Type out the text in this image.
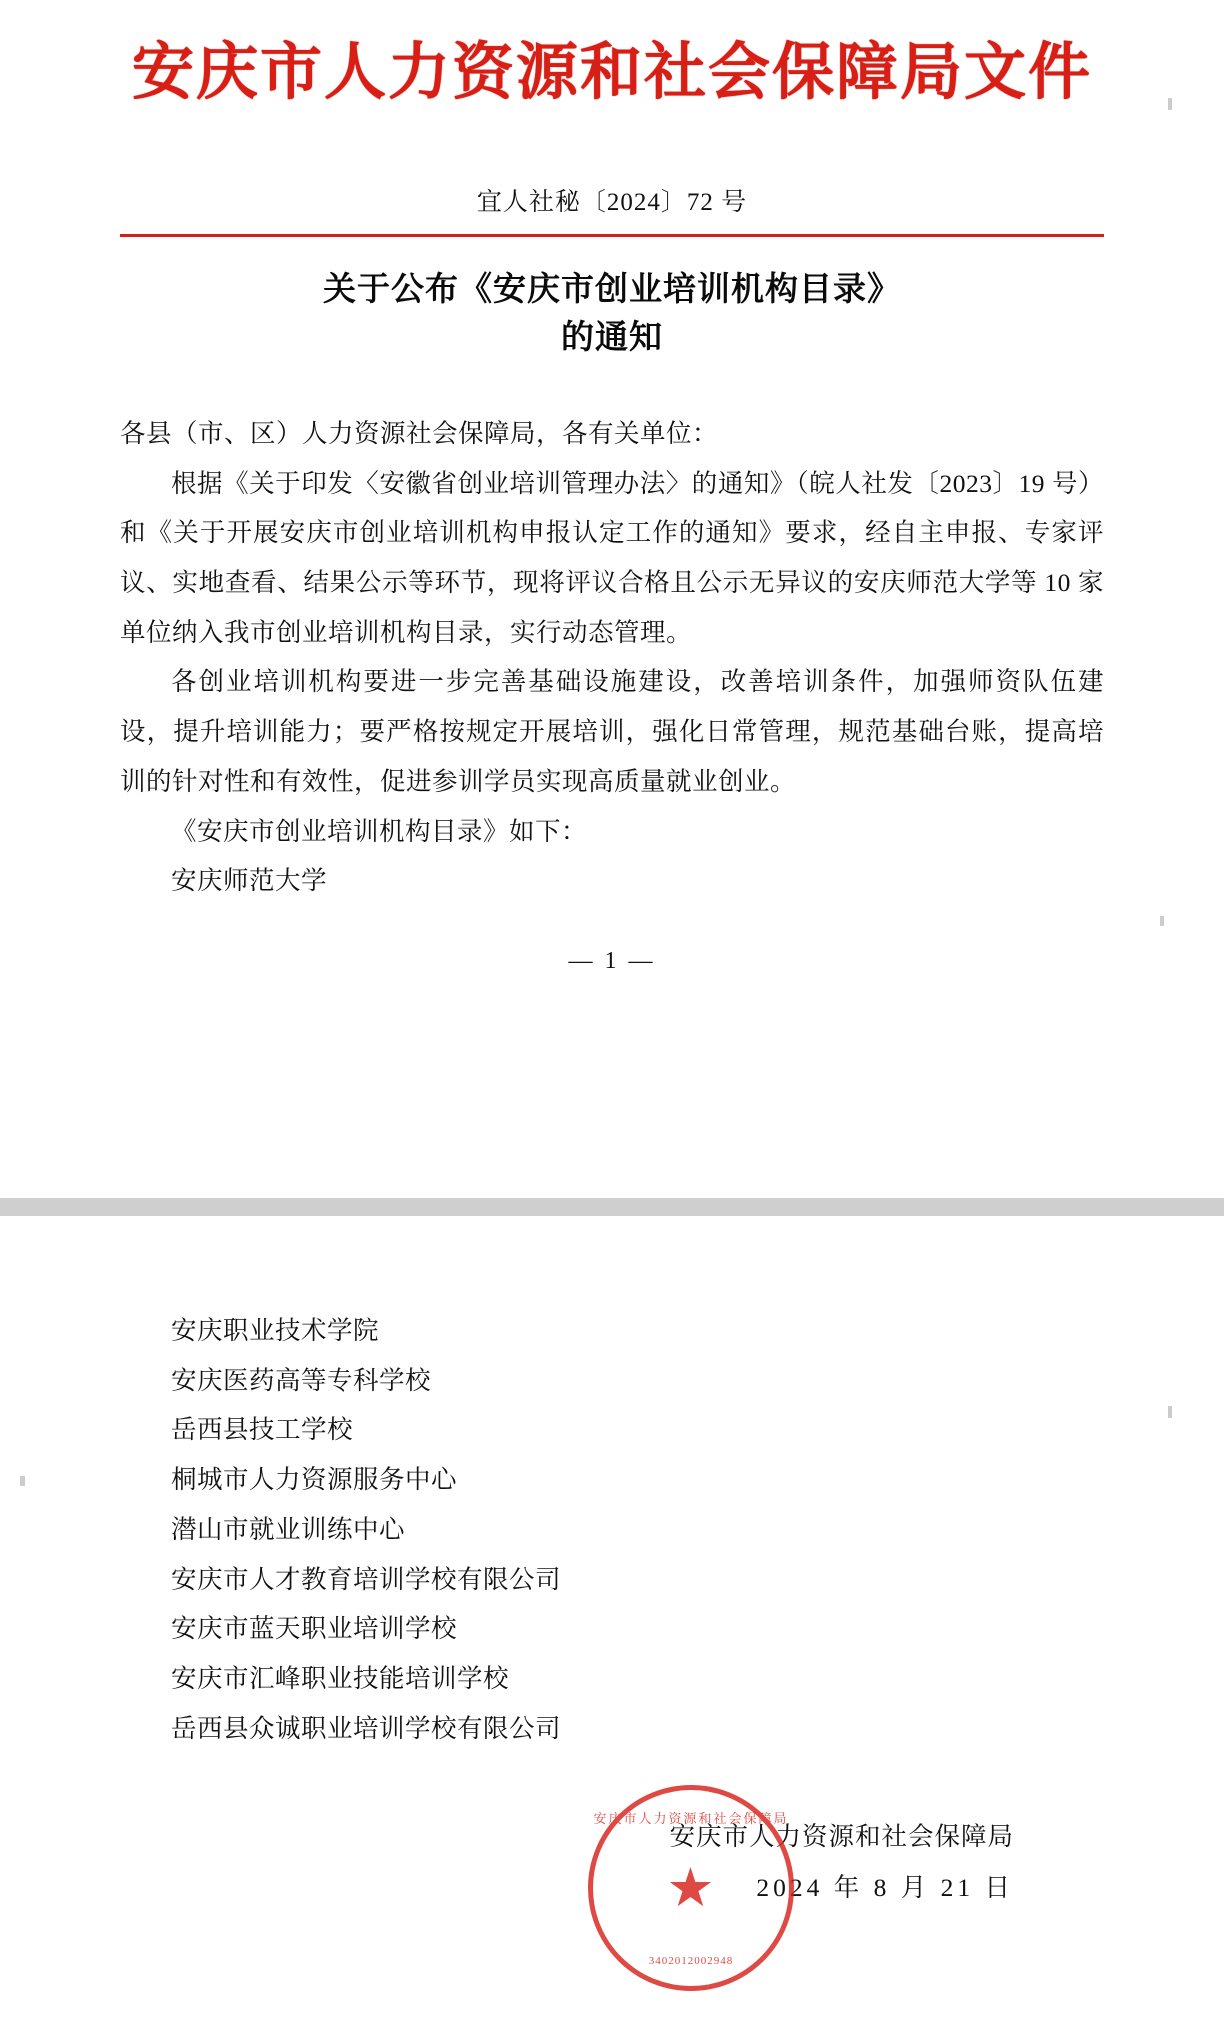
安庆市人力资源和社会保障局文件
宜人社秘〔2024〕72 号
关于公布《安庆市创业培训机构目录》
的通知

各县（市、区）人力资源社会保障局，各有关单位：

根据《关于印发〈安徽省创业培训管理办法〉的通知》（皖人社发〔2023〕19 号）和《关于开展安庆市创业培训机构申报认定工作的通知》要求，经自主申报、专家评议、实地查看、结果公示等环节，现将评议合格且公示无异议的安庆师范大学等 10 家单位纳入我市创业培训机构目录，实行动态管理。

各创业培训机构要进一步完善基础设施建设，改善培训条件，加强师资队伍建设，提升培训能力；要严格按规定开展培训，强化日常管理，规范基础台账，提高培训的针对性和有效性，促进参训学员实现高质量就业创业。

《安庆市创业培训机构目录》如下：

安庆师范大学

— 1 —
安庆职业技术学院
安庆医药高等专科学校
岳西县技工学校
桐城市人力资源服务中心
潜山市就业训练中心
安庆市人才教育培训学校有限公司
安庆市蓝天职业培训学校
安庆市汇峰职业技能培训学校
岳西县众诚职业培训学校有限公司
安庆市人力资源和社会保障局
★
3402012002948
安庆市人力资源和社会保障局
2024 年 8 月 21 日
